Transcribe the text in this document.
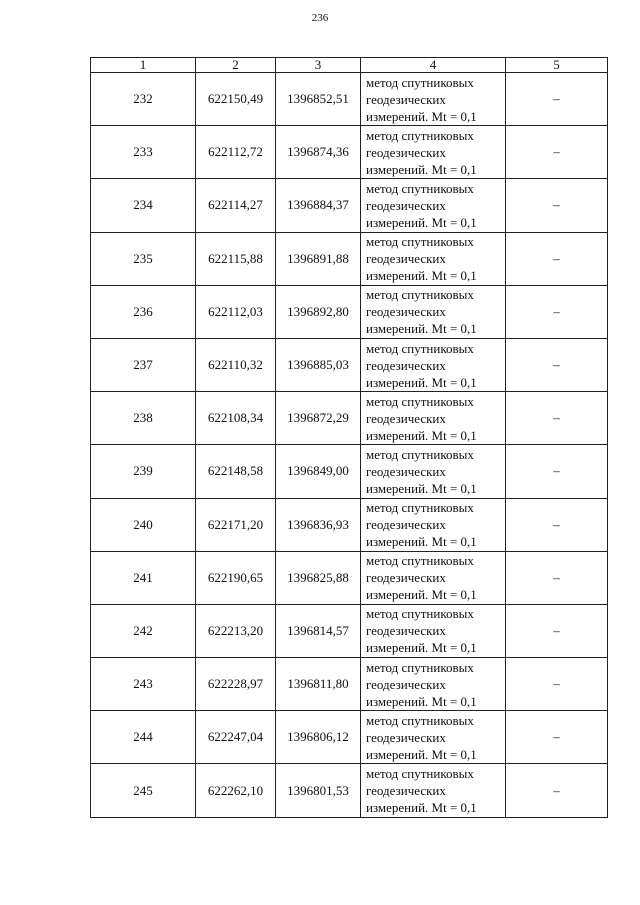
236
1	2	3	4	5
232	622150,49	1396852,51	метод спутниковых
геодезических
измерений. Mt = 0,1	–
233	622112,72	1396874,36	метод спутниковых
геодезических
измерений. Mt = 0,1	–
234	622114,27	1396884,37	метод спутниковых
геодезических
измерений. Mt = 0,1	–
235	622115,88	1396891,88	метод спутниковых
геодезических
измерений. Mt = 0,1	–
236	622112,03	1396892,80	метод спутниковых
геодезических
измерений. Mt = 0,1	–
237	622110,32	1396885,03	метод спутниковых
геодезических
измерений. Mt = 0,1	–
238	622108,34	1396872,29	метод спутниковых
геодезических
измерений. Mt = 0,1	–
239	622148,58	1396849,00	метод спутниковых
геодезических
измерений. Mt = 0,1	–
240	622171,20	1396836,93	метод спутниковых
геодезических
измерений. Mt = 0,1	–
241	622190,65	1396825,88	метод спутниковых
геодезических
измерений. Mt = 0,1	–
242	622213,20	1396814,57	метод спутниковых
геодезических
измерений. Mt = 0,1	–
243	622228,97	1396811,80	метод спутниковых
геодезических
измерений. Mt = 0,1	–
244	622247,04	1396806,12	метод спутниковых
геодезических
измерений. Mt = 0,1	–
245	622262,10	1396801,53	метод спутниковых
геодезических
измерений. Mt = 0,1	–
